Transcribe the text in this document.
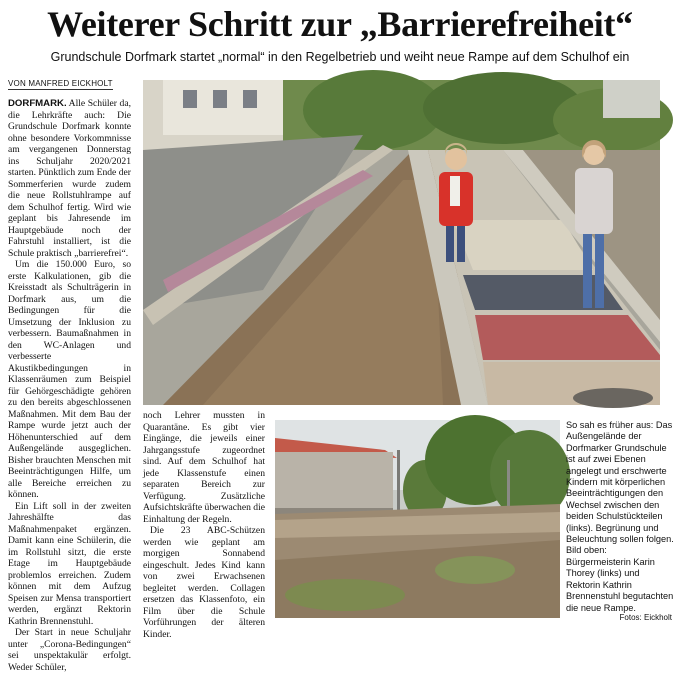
Weiterer Schritt zur „Barrierefreiheit“
Grundschule Dorfmark startet „normal“ in den Regelbetrieb und weiht neue Rampe auf dem Schulhof ein
VON MANFRED EICKHOLT

DORFMARK. Alle Schüler da, die Lehrkräfte auch: Die Grundschule Dorfmark konnte ohne besondere Vorkommnisse am vergangenen Donnerstag ins Schuljahr 2020/2021 starten. Pünktlich zum Ende der Sommerferien wurde zudem die neue Rollstuhlrampe auf dem Schulhof fertig. Wird wie geplant bis Jahresende im Hauptgebäude noch der Fahrstuhl installiert, ist die Schule praktisch „barrierefrei“.

Um die 150.000 Euro, so erste Kalkulationen, gib die Kreisstadt als Schulträgerin in Dorfmark aus, um die Bedingungen für die Umsetzung der Inklusion zu verbessern. Baumaßnahmen in den WC-Anlagen und verbesserte Akustikbedingungen in Klassenräumen zum Beispiel für Gehörgeschädigte gehören zu den bereits abgeschlossenen Maßnahmen. Mit dem Bau der Rampe wurde jetzt auch der Höhenunterschied auf dem Außengelände ausgeglichen. Bisher brauchten Menschen mit Beeinträchtigungen Hilfe, um alle Bereiche erreichen zu können.

Ein Lift soll in der zweiten Jahreshälfte das Maßnahmenpaket ergänzen. Damit kann eine Schülerin, die im Rollstuhl sitzt, die erste Etage im Hauptgebäude problemlos erreichen. Zudem können mit dem Aufzug Speisen zur Mensa transportiert werden, ergänzt Rektorin Kathrin Brennenstuhl.

Der Start in neue Schuljahr unter „Corona-Bedingungen“ sei unspektakulär erfolgt. Weder Schüler,

noch Lehrer mussten in Quarantäne. Es gibt vier Eingänge, die jeweils einer Jahrgangsstufe zugeordnet sind. Auf dem Schulhof hat jede Klassenstufe einen separaten Bereich zur Verfügung. Zusätzliche Aufsichtskräfte überwachen die Einhaltung der Regeln.

Die 23 ABC-Schützen werden wie geplant am morgigen Sonnabend eingeschult. Jedes Kind kann von zwei Erwachsenen begleitet werden. Collagen ersetzen das Klassenfoto, ein Film über die Schule Vorführungen der älteren Kinder.

So sah es früher aus: Das Außengelände der Dorfmarker Grundschule ist auf zwei Ebenen angelegt und erschwerte Kindern mit körperlichen Beeinträchtigungen den Wechsel zwischen den beiden Schulstückteilen (links). Begrünung und Beleuchtung sollen folgen. Bild oben: Bürgermeisterin Karin Thorey (links) und Rektorin Kathrin Brennenstuhl begutachten die neue Rampe.
Fotos: Eickholt
